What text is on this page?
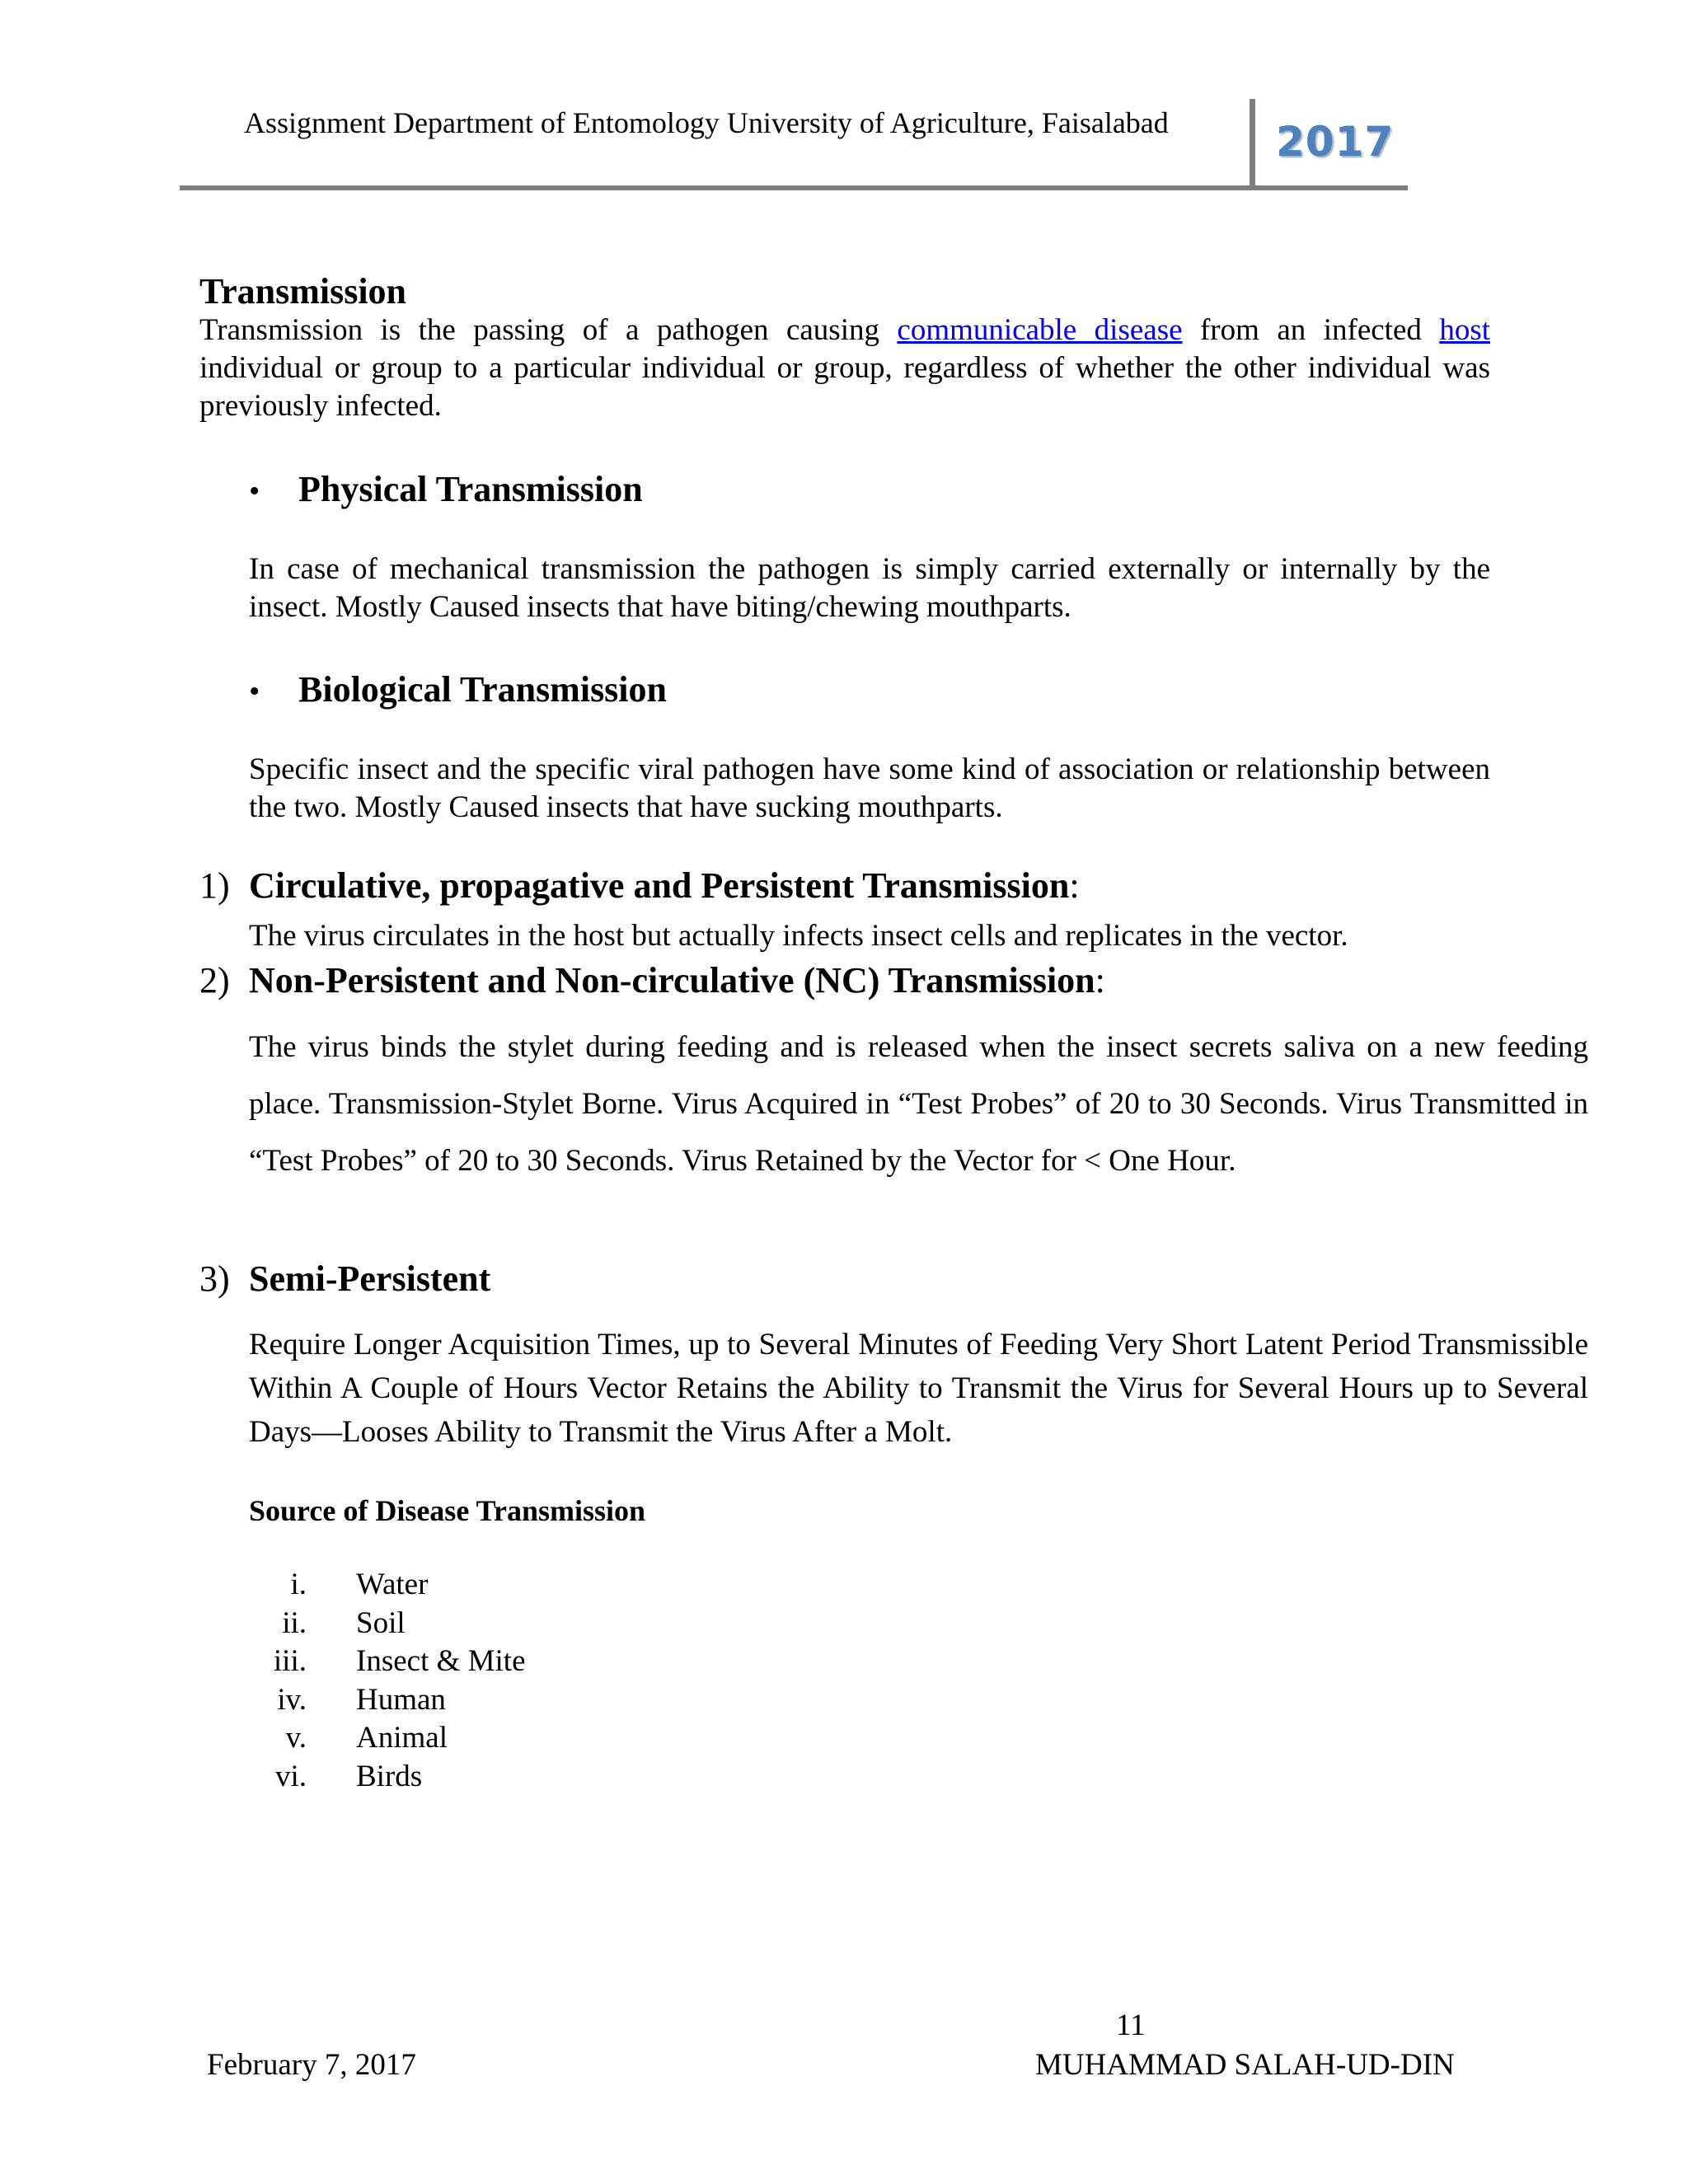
Assignment Department of Entomology University of Agriculture, Faisalabad	2017
Transmission
Transmission is the passing of a pathogen causing communicable disease from an infected host individual or group to a particular individual or group, regardless of whether the other individual was previously infected.
• Physical Transmission
In case of mechanical transmission the pathogen is simply carried externally or internally by the insect. Mostly Caused insects that have biting/chewing mouthparts.
• Biological Transmission
Specific insect and the specific viral pathogen have some kind of association or relationship between the two. Mostly Caused insects that have sucking mouthparts.
1) Circulative, propagative and Persistent Transmission:
The virus circulates in the host but actually infects insect cells and replicates in the vector.
2) Non-Persistent and Non-circulative (NC) Transmission:
The virus binds the stylet during feeding and is released when the insect secrets saliva on a new feeding place. Transmission-Stylet Borne. Virus Acquired in “Test Probes” of 20 to 30 Seconds. Virus Transmitted in “Test Probes” of 20 to 30 Seconds. Virus Retained by the Vector for < One Hour.
3) Semi-Persistent
Require Longer Acquisition Times, up to Several Minutes of Feeding Very Short Latent Period Transmissible Within A Couple of Hours Vector Retains the Ability to Transmit the Virus for Several Hours up to Several Days—Looses Ability to Transmit the Virus After a Molt.
Source of Disease Transmission
i.	Water
ii.	Soil
iii.	Insect & Mite
iv.	Human
v.	Animal
vi.	Birds
11
February 7, 2017	MUHAMMAD SALAH-UD-DIN
